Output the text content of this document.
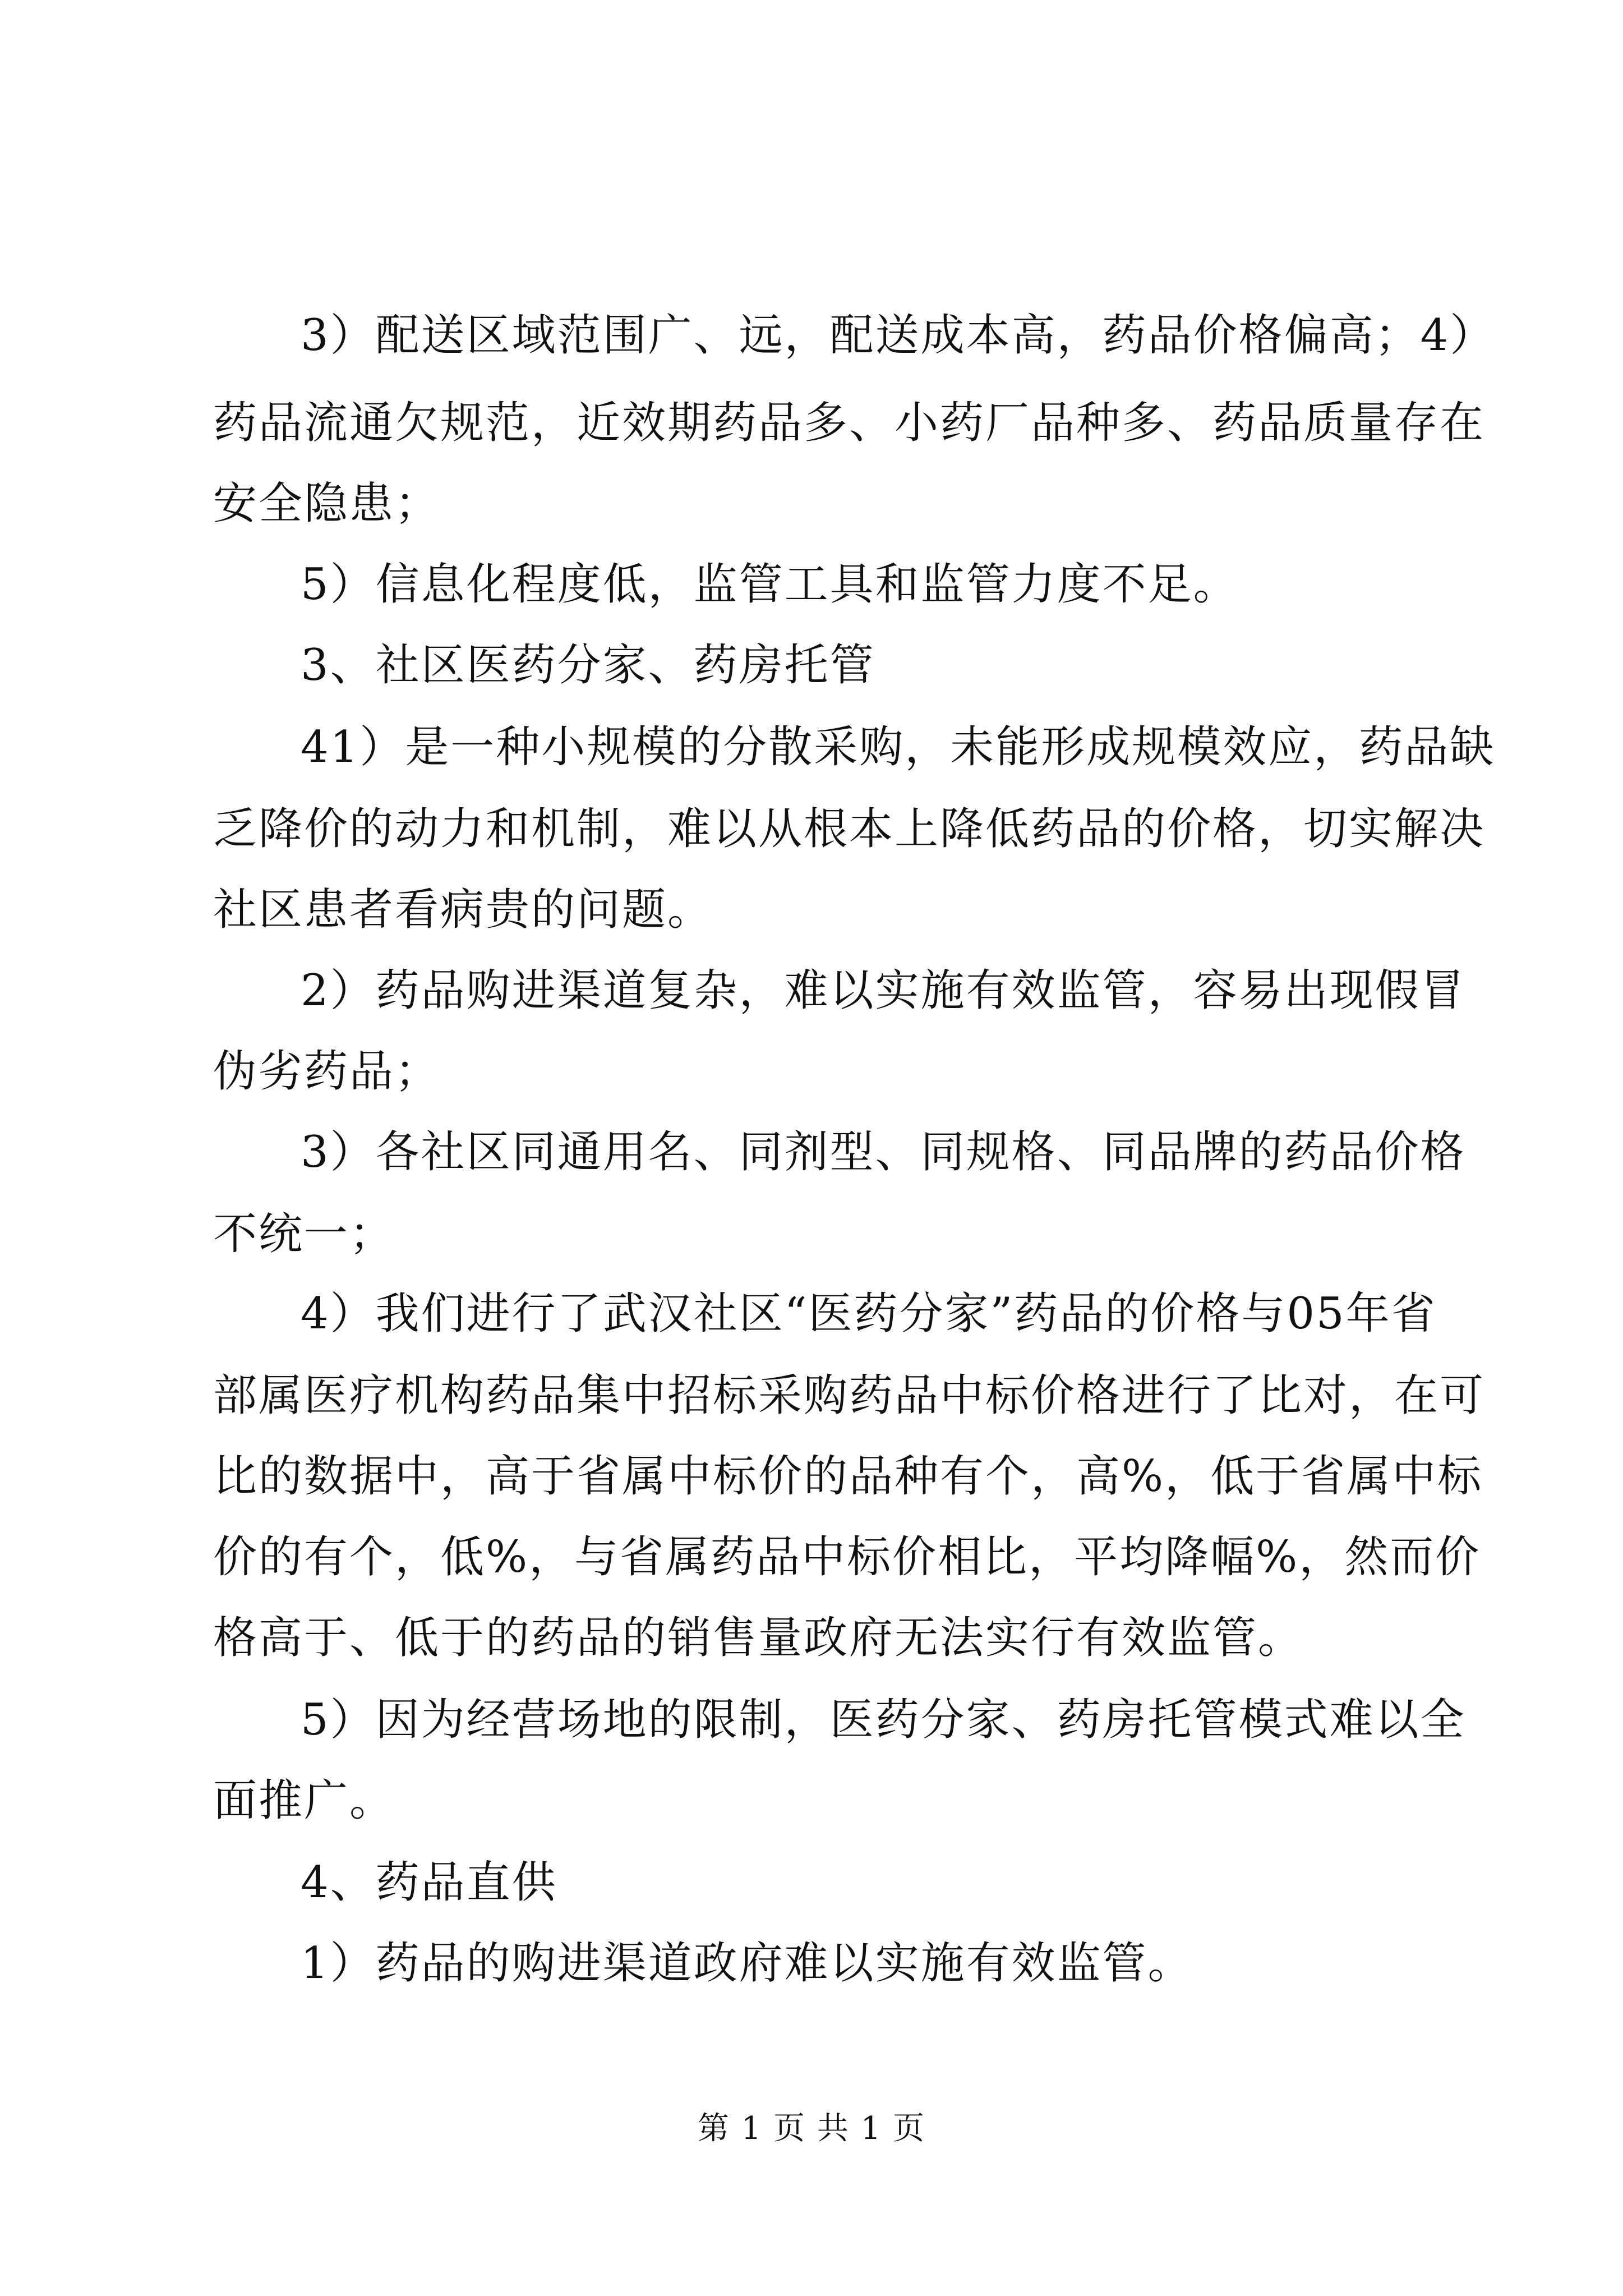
3）配送区域范围广、远，配送成本高，药品价格偏高；4）

药品流通欠规范，近效期药品多、小药厂品种多、药品质量存在

安全隐患；

5）信息化程度低，监管工具和监管力度不足。

3、社区医药分家、药房托管

41）是一种小规模的分散采购，未能形成规模效应，药品缺

乏降价的动力和机制，难以从根本上降低药品的价格，切实解决

社区患者看病贵的问题。

2）药品购进渠道复杂，难以实施有效监管，容易出现假冒

伪劣药品；

3）各社区同通用名、同剂型、同规格、同品牌的药品价格

不统一；

4）我们进行了武汉社区“医药分家”药品的价格与05年省

部属医疗机构药品集中招标采购药品中标价格进行了比对，在可

比的数据中，高于省属中标价的品种有个，高%，低于省属中标

价的有个，低%，与省属药品中标价相比，平均降幅%，然而价

格高于、低于的药品的销售量政府无法实行有效监管。

5）因为经营场地的限制，医药分家、药房托管模式难以全

面推广。

4、药品直供

1）药品的购进渠道政府难以实施有效监管。

第 1 页 共 1 页
